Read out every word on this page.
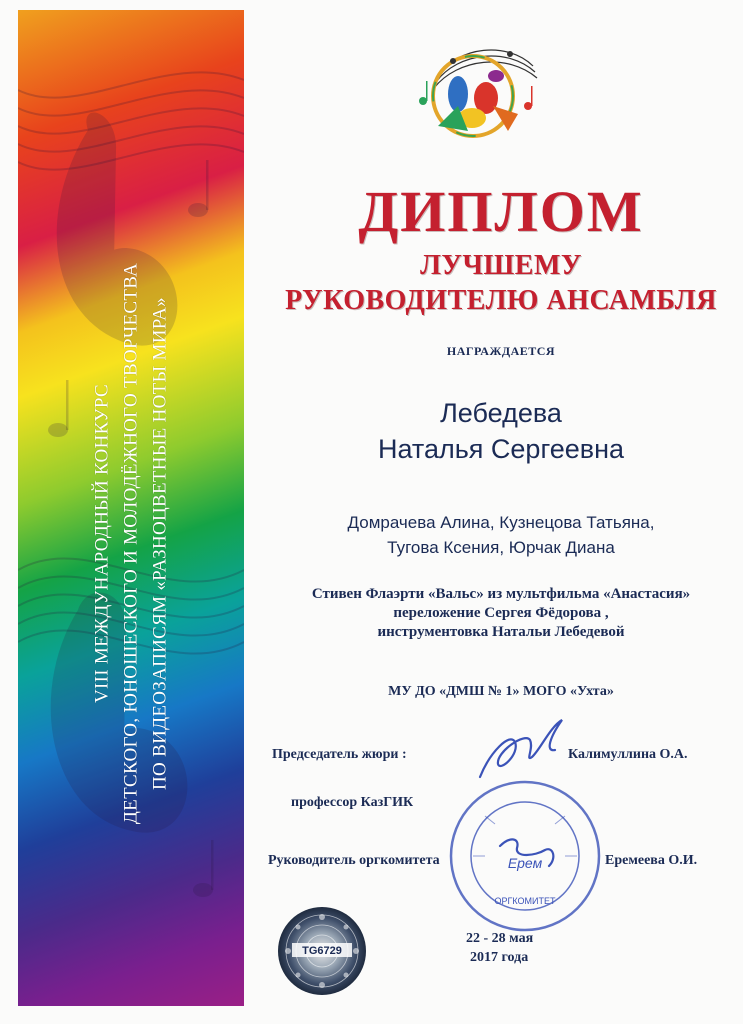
VIII МЕЖДУНАРОДНЫЙ КОНКУРС ДЕТСКОГО, ЮНОШЕСКОГО И МОЛОДЁЖНОГО ТВОРЧЕСТВА ПО ВИДЕОЗАПИСЯМ «РАЗНОЦВЕТНЫЕ НОТЫ МИРА»
ДИПЛОМ
ЛУЧШЕМУ
РУКОВОДИТЕЛЮ АНСАМБЛЯ
НАГРАЖДАЕТСЯ
Лебедева
Наталья Сергеевна
Домрачева Алина, Кузнецова Татьяна,
Тугова Ксения, Юрчак Диана
Стивен Флаэрти «Вальс» из мультфильма «Анастасия»
переложение Сергея Фёдорова ,
инструментовка Натальи Лебедевой
МУ ДО «ДМШ № 1» МОГО «Ухта»
Председатель жюри :	Калимуллина О.А.
профессор КазГИК
Руководитель оргкомитета	Еремеева О.И.
Ерем
ОРГКОМИТЕТ
TG6729
22 - 28 мая
2017 года
